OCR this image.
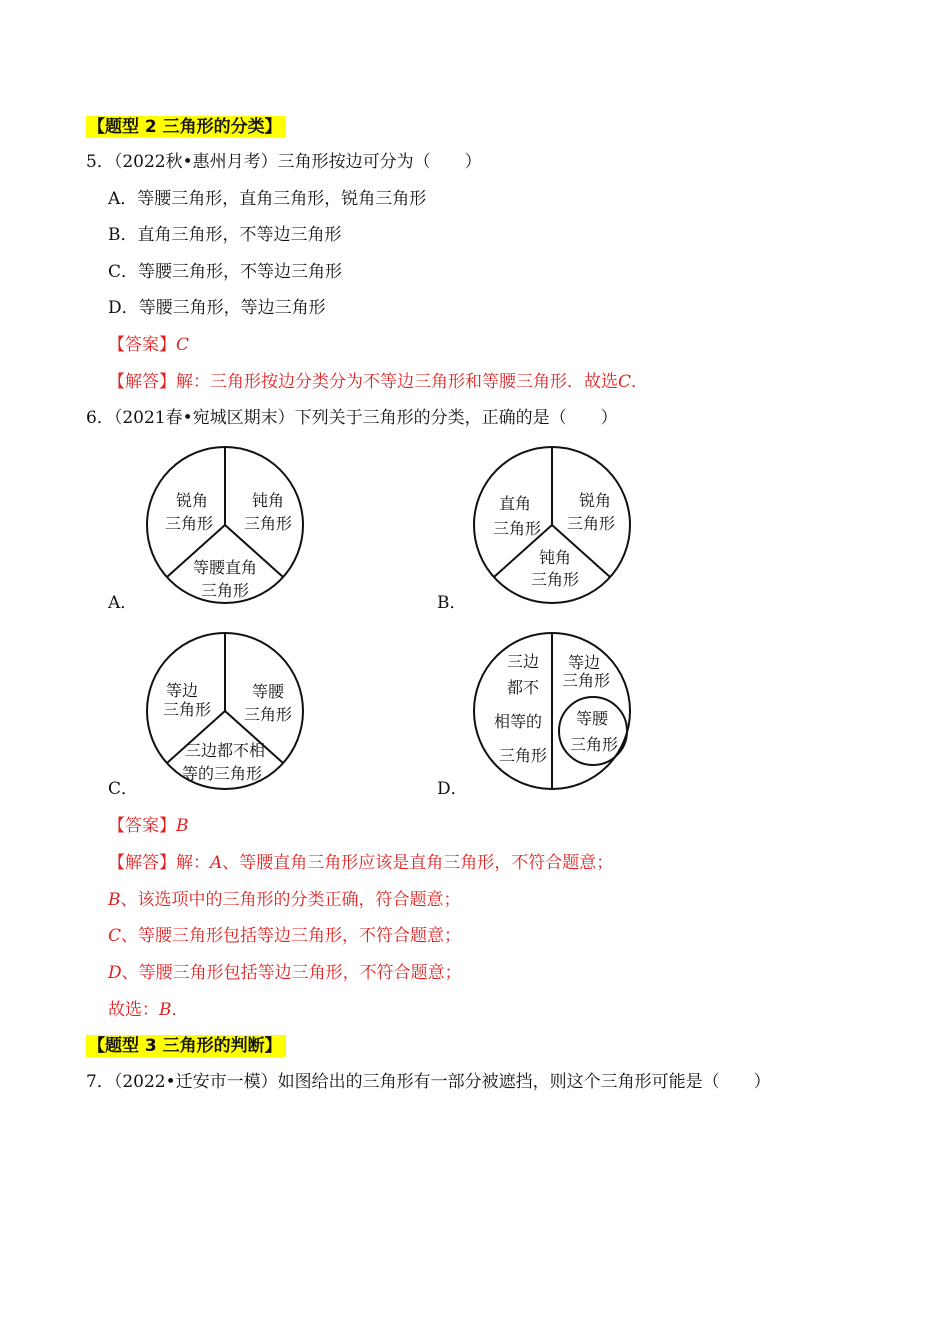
【题型 2 三角形的分类】
5．（2022秋•惠州月考）三角形按边可分为（ ）
A．等腰三角形，直角三角形，锐角三角形
B．直角三角形，不等边三角形
C．等腰三角形，不等边三角形
D．等腰三角形，等边三角形
【答案】C
【解答】解：三角形按边分类分为不等边三角形和等腰三角形．故选C．
6．（2021春•宛城区期末）下列关于三角形的分类，正确的是（ ）
锐角
三角形
钝角
三角形
等腰直角
三角形
A．
直角
三角形
锐角
三角形
钝角
三角形
B．
等边
三角形
等腰
三角形
三边都不相
等的三角形
C．
三边
都不
相等的
三角形
等边
三角形
等腰
三角形
D．
【答案】B
【解答】解：A、等腰直角三角形应该是直角三角形，不符合题意；
B、该选项中的三角形的分类正确，符合题意；
C、等腰三角形包括等边三角形，不符合题意；
D、等腰三角形包括等边三角形，不符合题意；
故选：B．
【题型 3 三角形的判断】
7．（2022•迁安市一模）如图给出的三角形有一部分被遮挡，则这个三角形可能是（ ）
